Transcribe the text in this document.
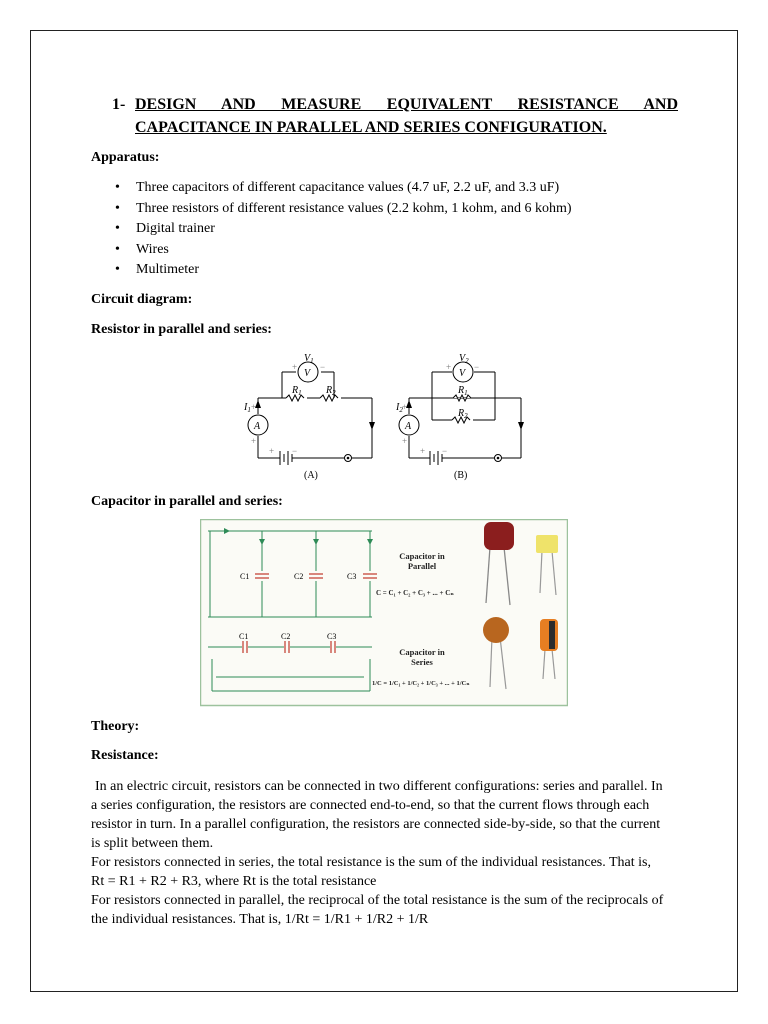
1- DESIGN AND MEASURE EQUIVALENT RESISTANCE AND
CAPACITANCE IN PARALLEL AND SERIES CONFIGURATION.
Apparatus:
• Three capacitors of different capacitance values (4.7 uF, 2.2 uF, and 3.3 uF)
• Three resistors of different resistance values (2.2 kohm, 1 kohm, and 6 kohm)
• Digital trainer
• Wires
• Multimeter
Circuit diagram:
Resistor in parallel and series:
$V_1$
$R_1$ $R_2$
$I_1$
V
A
$V_2$
$R_1$
$R_2$
$I_2$
V
A
+	−
+
+
+ −
+	−
+
+
+ −
(A)	(B)
Capacitor in parallel and series:
C1	C2	C3
Capacitor in
Parallel
C = C₁ + C₂ + C₃ + ... + Cₙ
C1	C2	C3
Capacitor in
Series
1/C = 1/C₁ + 1/C₂ + 1/C₃ + ... + 1/Cₙ
Theory:
Resistance:

In an electric circuit, resistors can be connected in two different configurations: series and parallel. In a series configuration, the resistors are connected end-to-end, so that the current flows through each resistor in turn. In a parallel configuration, the resistors are connected side-by-side, so that the current is split between them.

For resistors connected in series, the total resistance is the sum of the individual resistances. That is, Rt = R1 + R2 + R3, where Rt is the total resistance

For resistors connected in parallel, the reciprocal of the total resistance is the sum of the reciprocals of the individual resistances. That is, 1/Rt = 1/R1 + 1/R2 + 1/R
